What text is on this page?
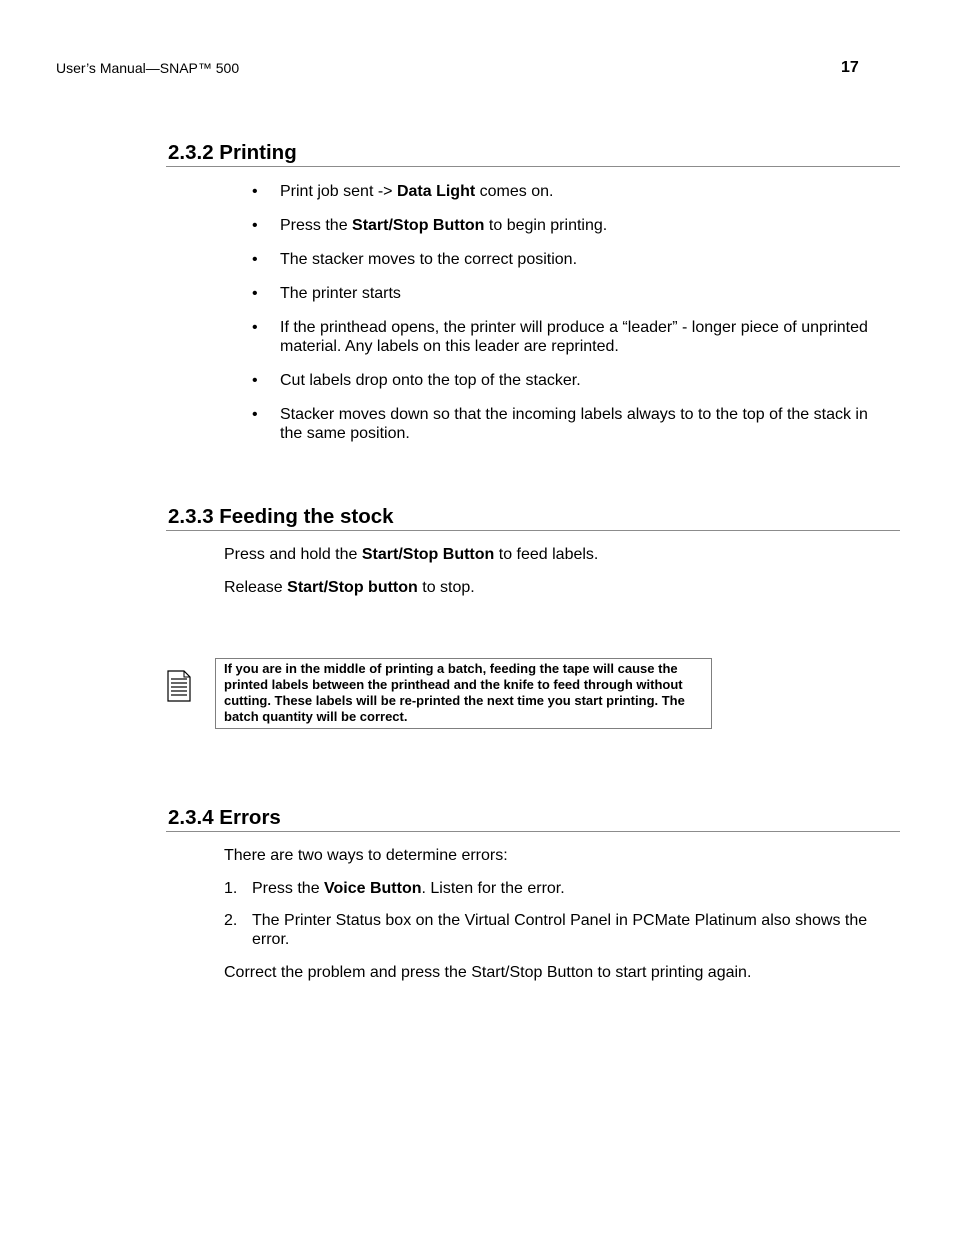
User’s Manual—SNAP™ 500	17
2.3.2 Printing
• Print job sent -> Data Light comes on.
• Press the Start/Stop Button to begin printing.
• The stacker moves to the correct position.
• The printer starts
• If the printhead opens, the printer will produce a “leader” - longer piece of unprinted material. Any labels on this leader are reprinted.
• Cut labels drop onto the top of the stacker.
• Stacker moves down so that the incoming labels always to to the top of the stack in the same position.
2.3.3 Feeding the stock
Press and hold the Start/Stop Button to feed labels.
Release Start/Stop button to stop.
If you are in the middle of printing a batch, feeding the tape will cause the printed labels between the printhead and the knife to feed through without cutting. These labels will be re-printed the next time you start printing. The batch quantity will be correct.
2.3.4 Errors
There are two ways to determine errors:
1. Press the Voice Button. Listen for the error.
2. The Printer Status box on the Virtual Control Panel in PCMate Platinum also shows the error.
Correct the problem and press the Start/Stop Button to start printing again.
